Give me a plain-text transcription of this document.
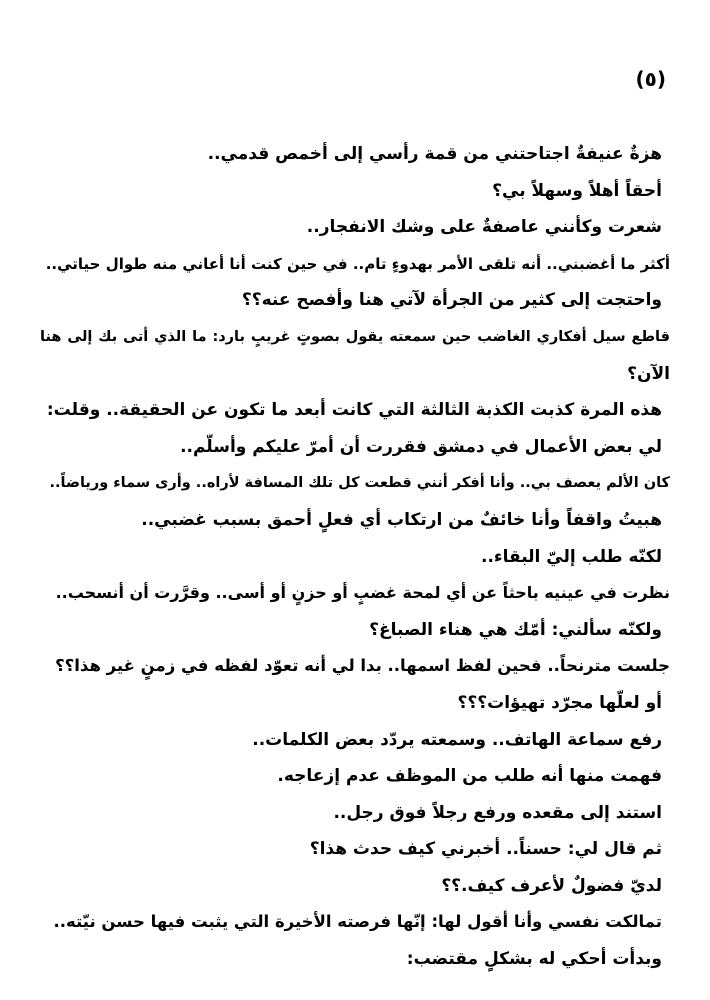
(٥)
هزةٌ عنيفةٌ اجتاحتني من قمة رأسي إلى أخمص قدمي..
أحقاً أهلاً وسهلاً بي؟
شعرت وكأنني عاصفةٌ على وشك الانفجار..
أكثر ما أغضبني.. أنه تلقى الأمر بهدوءٍ تام.. في حين كنت أنا أعاني منه طوال حياتي..
واحتجت إلى كثير من الجرأة لآتي هنا وأفصح عنه؟؟
قاطع سيل أفكاري الغاضب حين سمعته يقول بصوتٍ غريبٍ بارد: ما الذي أتى بك إلى هنا
الآن؟
هذه المرة كذبت الكذبة الثالثة التي كانت أبعد ما تكون عن الحقيقة.. وقلت:
لي بعض الأعمال في دمشق فقررت أن أمرّ عليكم وأسلّم..
كان الألم يعصف بي.. وأنا أفكر أنني قطعت كل تلك المسافة لأراه.. وأرى سماء ورياضاً..
هبيتُ واقفاً وأنا خائفٌ من ارتكاب أي فعلٍ أحمق بسبب غضبي..
لكنّه طلب إليّ البقاء..
نظرت في عينيه باحثاً عن أي لمحة غضبٍ أو حزنٍ أو أسى.. وقرَّرت أن أنسحب..
ولكنّه سألني: أمّك هي هناء الصباغ؟
جلست مترنحاً.. فحين لفظ اسمها.. بدا لي أنه تعوّد لفظه في زمنٍ غير هذا؟؟
أو لعلّها مجرّد تهيؤات؟؟؟
رفع سماعة الهاتف.. وسمعته يردّد بعض الكلمات..
فهمت منها أنه طلب من الموظف عدم إزعاجه.
استند إلى مقعده ورفع رجلاً فوق رجل..
ثم قال لي: حسناً.. أخبرني كيف حدث هذا؟
لديّ فضولٌ لأعرف كيف.؟؟
تمالكت نفسي وأنا أقول لها: إنّها فرصته الأخيرة التي يثبت فيها حسن نيّته..
وبدأت أحكي له بشكلٍ مقتضب:
